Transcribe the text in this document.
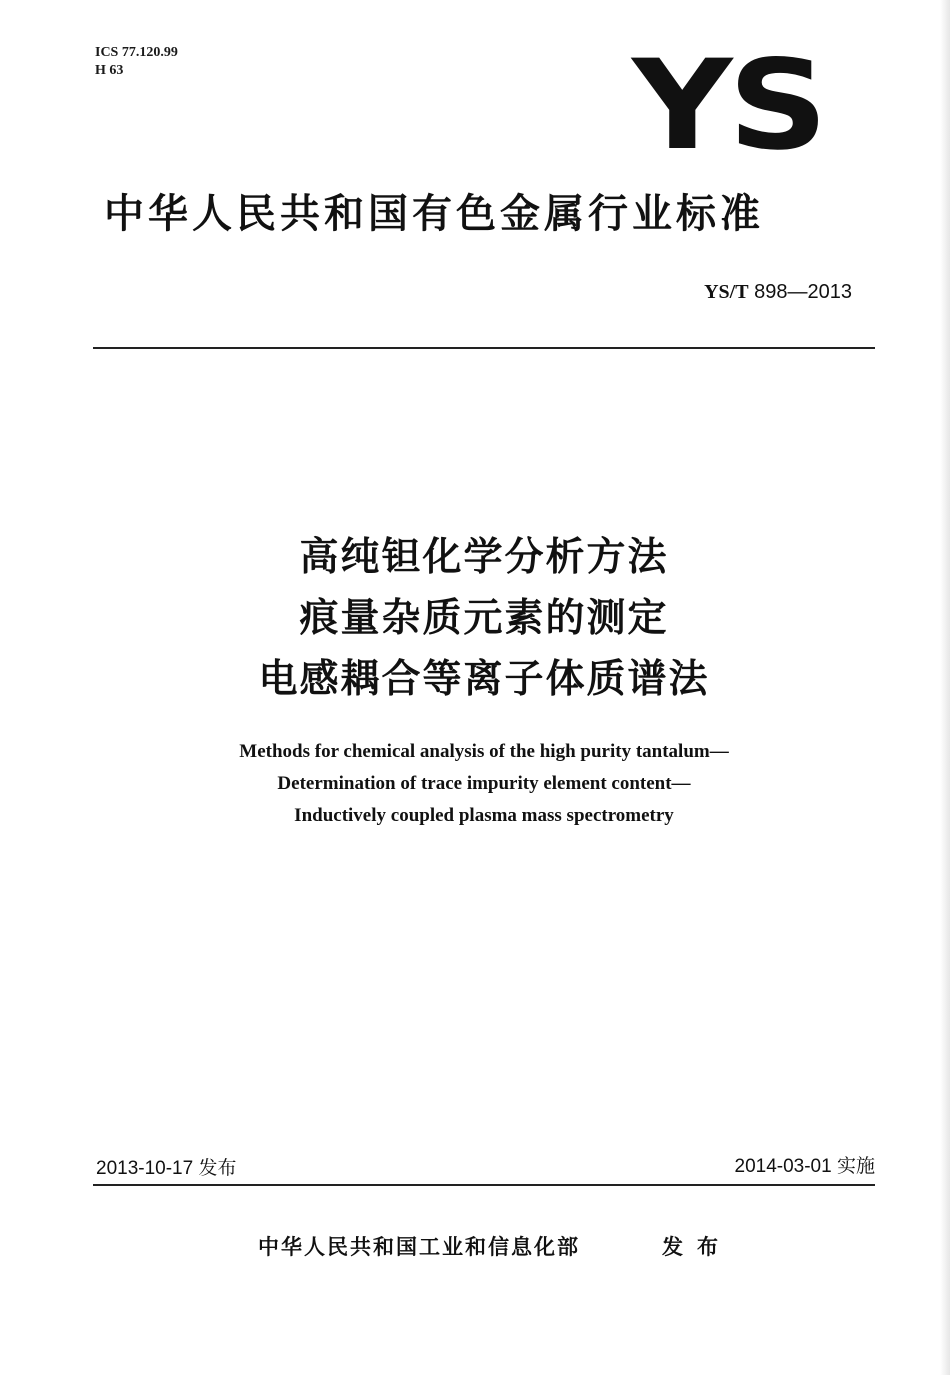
ICS 77.120.99
H 63	YS
中华人民共和国有色金属行业标准
YS/T 898—2013
高纯钽化学分析方法
痕量杂质元素的测定
电感耦合等离子体质谱法
Methods for chemical analysis of the high purity tantalum—
Determination of trace impurity element content—
Inductively coupled plasma mass spectrometry
2013-10-17 发布	2014-03-01 实施
中华人民共和国工业和信息化部	发布
